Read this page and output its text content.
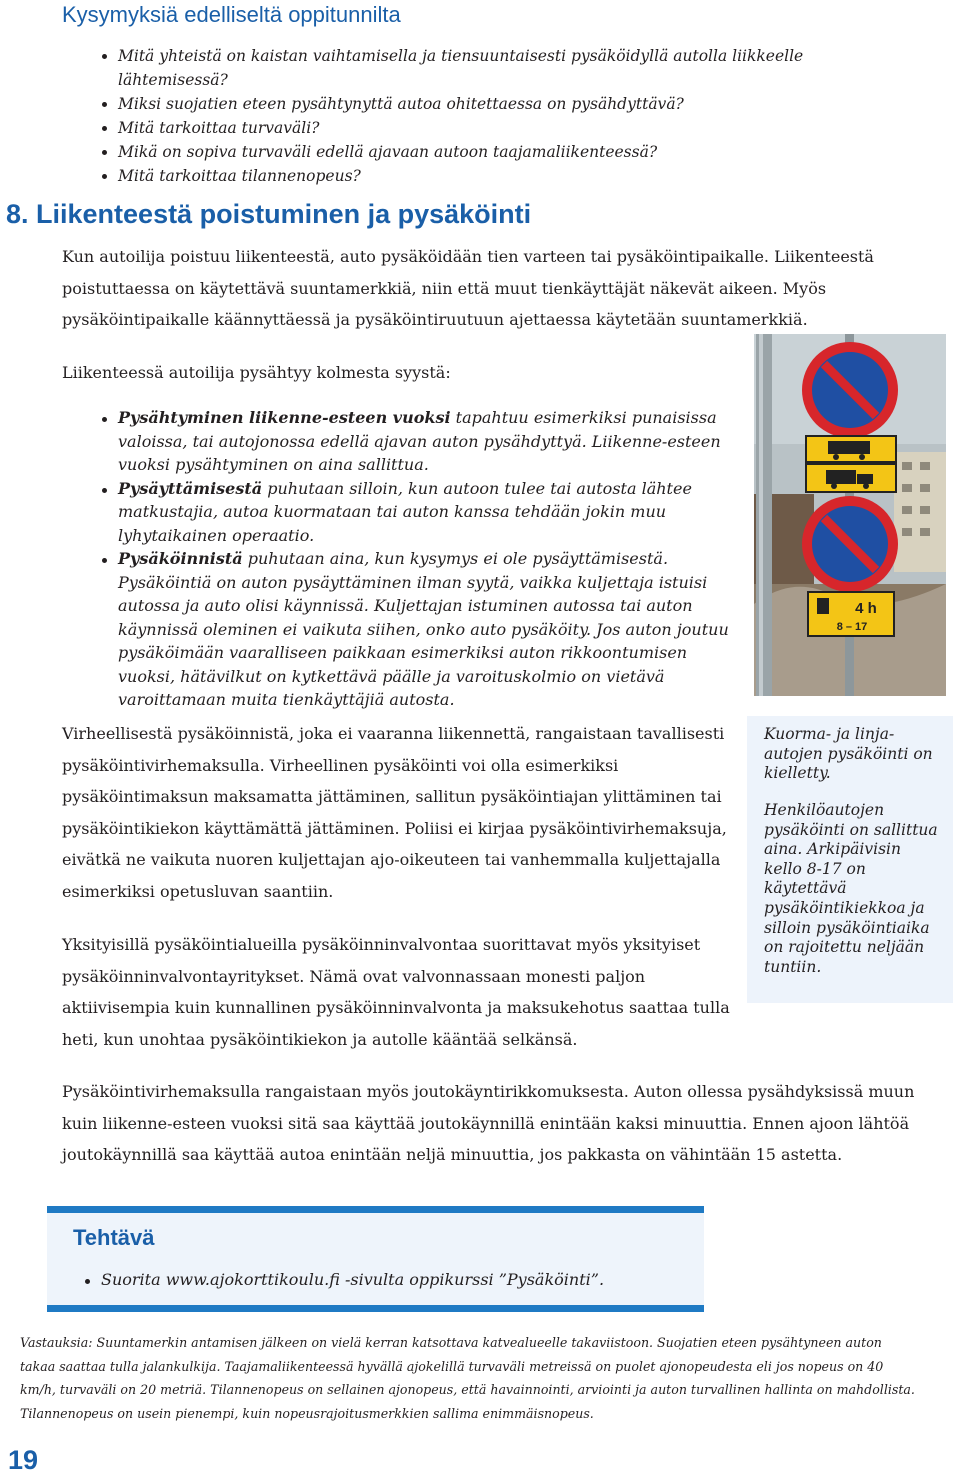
Kysymyksiä edelliseltä oppitunnilta
Mitä yhteistä on kaistan vaihtamisella ja tiensuuntaisesti pysäköidyllä autolla liikkeelle lähtemisessä?
Miksi suojatien eteen pysähtynyttä autoa ohitettaessa on pysähdyttävä?
Mitä tarkoittaa turvaväli?
Mikä on sopiva turvaväli edellä ajavaan autoon taajamaliikenteessä?
Mitä tarkoittaa tilannenopeus?
8. Liikenteestä poistuminen ja pysäköinti

Kun autoilija poistuu liikenteestä, auto pysäköidään tien varteen tai pysäköintipaikalle. Liikenteestä poistuttaessa on käytettävä suuntamerkkiä, niin että muut tienkäyttäjät näkevät aikeen. Myös pysäköintipaikalle käännyttäessä ja pysäköintiruutuun ajettaessa käytetään suuntamerkkiä.

Liikenteessä autoilija pysähtyy kolmesta syystä:

Pysähtyminen liikenne-esteen vuoksi tapahtuu esimerkiksi punaisissa valoissa, tai autojonossa edellä ajavan auton pysähdyttyä. Liikenne-esteen vuoksi pysähtyminen on aina sallittua.
Pysäyttämisestä puhutaan silloin, kun autoon tulee tai autosta lähtee matkustajia, autoa kuormataan tai auton kanssa tehdään jokin muu lyhytaikainen operaatio.
Pysäköinnistä puhutaan aina, kun kysymys ei ole pysäyttämisestä. Pysäköintiä on auton pysäyttäminen ilman syytä, vaikka kuljettaja istuisi autossa ja auto olisi käynnissä. Kuljettajan istuminen autossa tai auton käynnissä oleminen ei vaikuta siihen, onko auto pysäköity. Jos auton joutuu pysäköimään vaaralliseen paikkaan esimerkiksi auton rikkoontumisen vuoksi, hätävilkut on kytkettävä päälle ja varoituskolmio on vietävä varoittamaan muita tienkäyttäjiä autosta.
4 h
8 – 17

Virheellisestä pysäköinnistä, joka ei vaaranna liikennettä, rangaistaan tavallisesti pysäköintivirhemaksulla. Virheellinen pysäköinti voi olla esimerkiksi pysäköintimaksun maksamatta jättäminen, sallitun pysäköintiajan ylittäminen tai pysäköintikiekon käyttämättä jättäminen. Poliisi ei kirjaa pysäköintivirhemaksuja, eivätkä ne vaikuta nuoren kuljettajan ajo-oikeuteen tai vanhemmalla kuljettajalla esimerkiksi opetusluvan saantiin.

Yksityisillä pysäköintialueilla pysäköinninvalvontaa suorittavat myös yksityiset pysäköinninvalvontayritykset. Nämä ovat valvonnassaan monesti paljon aktiivisempia kuin kunnallinen pysäköinninvalvonta ja maksukehotus saattaa tulla heti, kun unohtaa pysäköintikiekon ja autolle kääntää selkänsä.

Pysäköintivirhemaksulla rangaistaan myös joutokäyntirikkomuksesta. Auton ollessa pysähdyksissä muun kuin liikenne-esteen vuoksi sitä saa käyttää joutokäynnillä enintään kaksi minuuttia. Ennen ajoon lähtöä joutokäynnillä saa käyttää autoa enintään neljä minuuttia, jos pakkasta on vähintään 15 astetta.

Kuorma- ja linja-autojen pysäköinti on kielletty.

Henkilöautojen pysäköinti on sallittua aina. Arkipäivisin kello 8-17 on käytettävä pysäköintikiekkoa ja silloin pysäköintiaika on rajoitettu neljään tuntiin.

Tehtävä
Suorita www.ajokorttikoulu.fi -sivulta oppikurssi ”Pysäköinti”.

Vastauksia: Suuntamerkin antamisen jälkeen on vielä kerran katsottava katvealueelle takaviistoon. Suojatien eteen pysähtyneen auton takaa saattaa tulla jalankulkija. Taajamaliikenteessä hyvällä ajokelillä turvaväli metreissä on puolet ajonopeudesta eli jos nopeus on 40 km/h, turvaväli on 20 metriä. Tilannenopeus on sellainen ajonopeus, että havainnointi, arviointi ja auton turvallinen hallinta on mahdollista. Tilannenopeus on usein pienempi, kuin nopeusrajoitusmerkkien sallima enimmäisnopeus.

19
